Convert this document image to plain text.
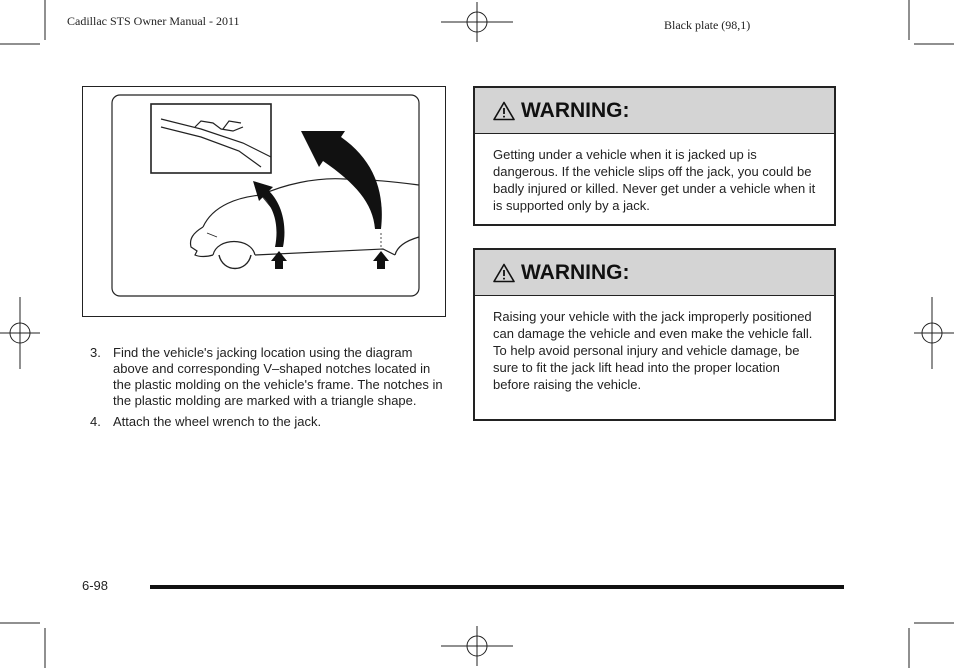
Cadillac STS Owner Manual - 2011	Black plate (98,1)
3. Find the vehicle's jacking location using the diagram above and corresponding V–shaped notches located in the plastic molding on the vehicle's frame. The notches in the plastic molding are marked with a triangle shape.
4. Attach the wheel wrench to the jack.
WARNING:
Getting under a vehicle when it is jacked up is dangerous. If the vehicle slips off the jack, you could be badly injured or killed. Never get under a vehicle when it is supported only by a jack.
WARNING:
Raising your vehicle with the jack improperly positioned can damage the vehicle and even make the vehicle fall. To help avoid personal injury and vehicle damage, be sure to fit the jack lift head into the proper location before raising the vehicle.
6-98
